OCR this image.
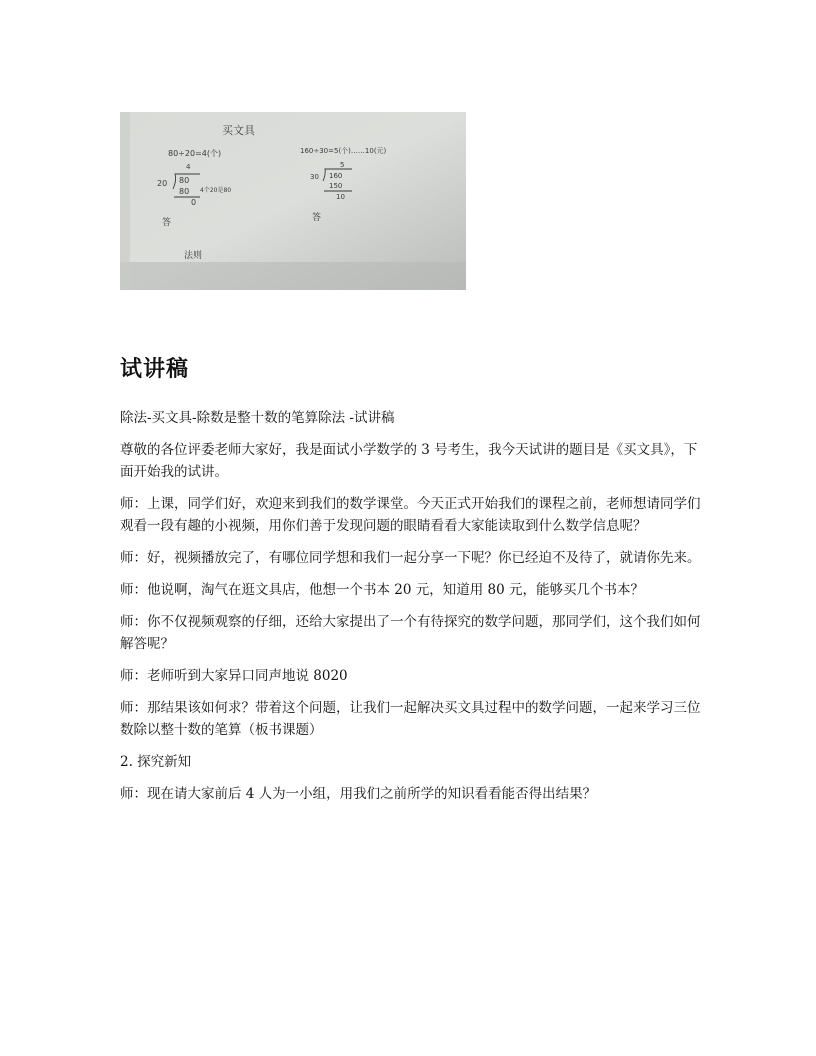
买文具
80÷20=4(个)
4
20 80
80
0
4个20是80
答
法则
160÷30=5(个)……10(元)
5
30 160
150
10
答
试讲稿

除法-买文具-除数是整十数的笔算除法 -试讲稿

尊敬的各位评委老师大家好，我是面试小学数学的 3 号考生，我今天试讲的题目是《买文具》，下面开始我的试讲。

师：上课，同学们好，欢迎来到我们的数学课堂。今天正式开始我们的课程之前，老师想请同学们观看一段有趣的小视频，用你们善于发现问题的眼睛看看大家能读取到什么数学信息呢？

师：好，视频播放完了，有哪位同学想和我们一起分享一下呢？你已经迫不及待了，就请你先来。

师：他说啊，淘气在逛文具店，他想一个书本 20 元，知道用 80 元，能够买几个书本？

师：你不仅视频观察的仔细，还给大家提出了一个有待探究的数学问题，那同学们，这个我们如何解答呢？

师：老师听到大家异口同声地说 8020

师：那结果该如何求？带着这个问题，让我们一起解决买文具过程中的数学问题，一起来学习三位数除以整十数的笔算（板书课题）

2. 探究新知

师：现在请大家前后 4 人为一小组，用我们之前所学的知识看看能否得出结果？
